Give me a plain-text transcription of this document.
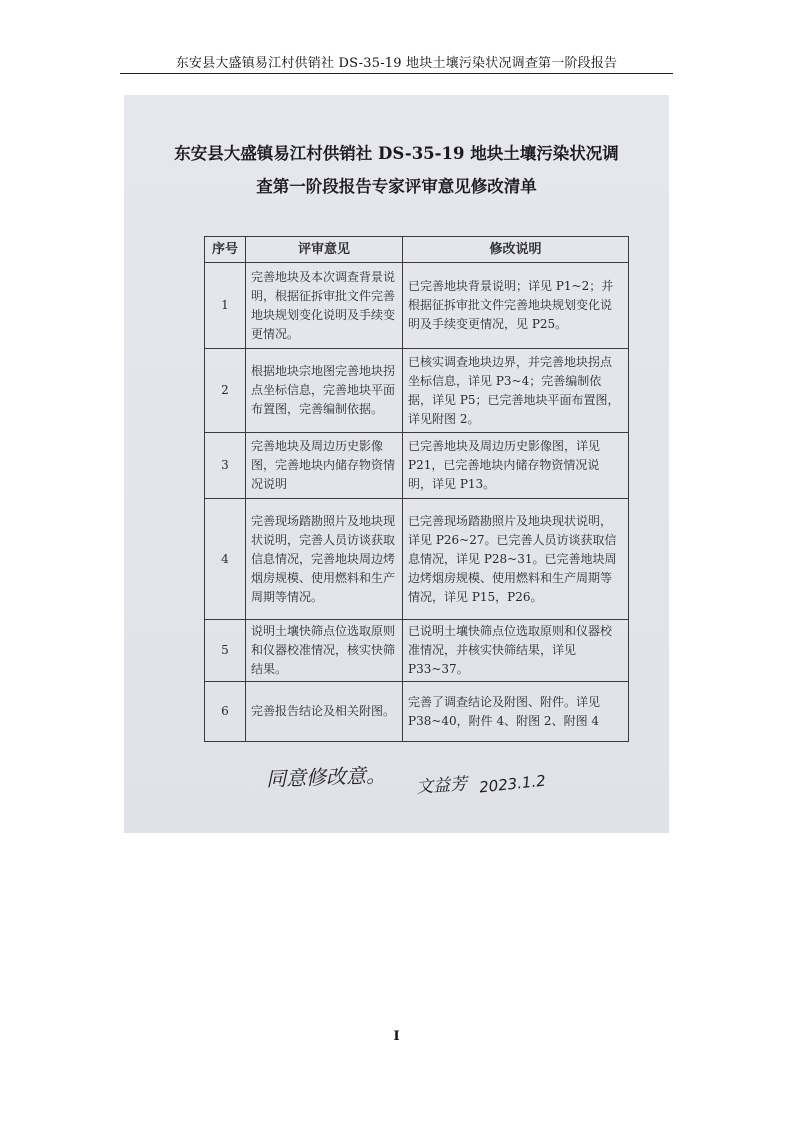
东安县大盛镇易江村供销社 DS-35-19 地块土壤污染状况调查第一阶段报告
东安县大盛镇易江村供销社 DS-35-19 地块土壤污染状况调
查第一阶段报告专家评审意见修改清单
序号	评审意见	修改说明
1	完善地块及本次调查背景说明，根据征拆审批文件完善地块规划变化说明及手续变更情况。	已完善地块背景说明；详见 P1~2；并根据征拆审批文件完善地块规划变化说明及手续变更情况，见 P25。
2	根据地块宗地图完善地块拐点坐标信息，完善地块平面布置图，完善编制依据。	已核实调查地块边界，并完善地块拐点坐标信息，详见 P3~4；完善编制依据，详见 P5；已完善地块平面布置图，详见附图 2。
3	完善地块及周边历史影像图，完善地块内储存物资情况说明	已完善地块及周边历史影像图，详见 P21，已完善地块内储存物资情况说明，详见 P13。
4	完善现场踏勘照片及地块现状说明，完善人员访谈获取信息情况，完善地块周边烤烟房规模、使用燃料和生产周期等情况。	已完善现场踏勘照片及地块现状说明，详见 P26~27。已完善人员访谈获取信息情况，详见 P28~31。已完善地块周边烤烟房规模、使用燃料和生产周期等情况，详见 P15，P26。
5	说明土壤快筛点位选取原则和仪器校准情况，核实快筛结果。	已说明土壤快筛点位选取原则和仪器校准情况，并核实快筛结果，详见 P33~37。
6	完善报告结论及相关附图。	完善了调查结论及附图、附件。详见 P38~40，附件 4、附图 2、附图 4
同意修改意。 文益芳 2023.1.2
I
